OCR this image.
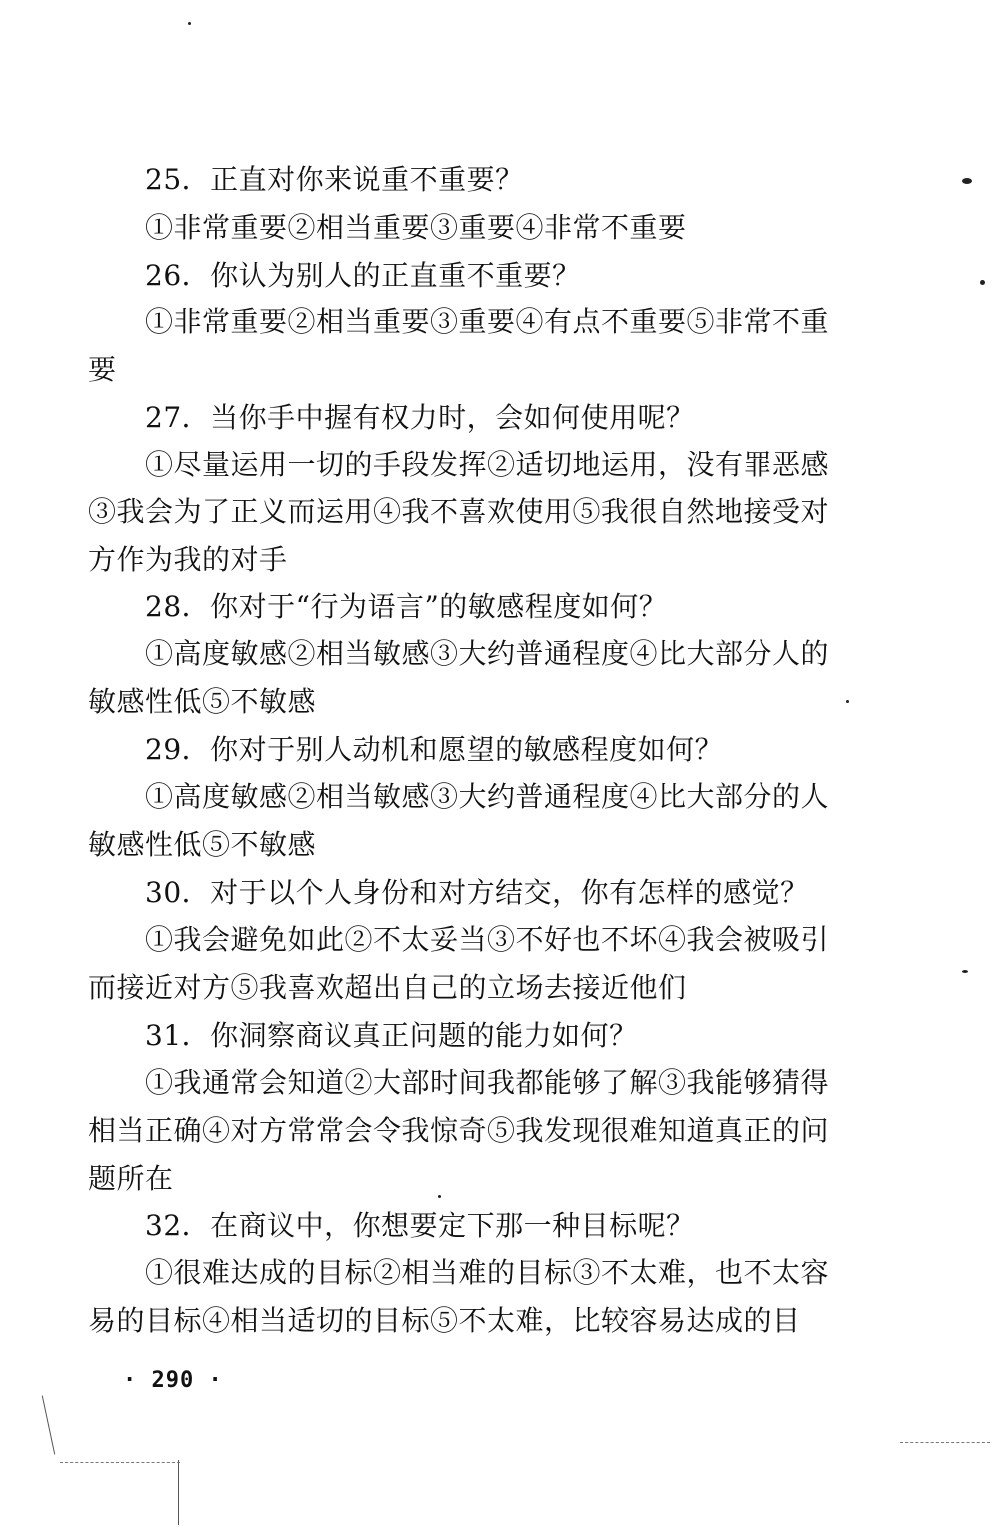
25．正直对你来说重不重要？
①非常重要②相当重要③重要④非常不重要
26．你认为别人的正直重不重要？
①非常重要②相当重要③重要④有点不重要⑤非常不重
要
27．当你手中握有权力时，会如何使用呢？
①尽量运用一切的手段发挥②适切地运用，没有罪恶感
③我会为了正义而运用④我不喜欢使用⑤我很自然地接受对
方作为我的对手
28．你对于“行为语言”的敏感程度如何？
①高度敏感②相当敏感③大约普通程度④比大部分人的
敏感性低⑤不敏感
29．你对于别人动机和愿望的敏感程度如何？
①高度敏感②相当敏感③大约普通程度④比大部分的人
敏感性低⑤不敏感
30．对于以个人身份和对方结交，你有怎样的感觉？
①我会避免如此②不太妥当③不好也不坏④我会被吸引
而接近对方⑤我喜欢超出自己的立场去接近他们
31．你洞察商议真正问题的能力如何？
①我通常会知道②大部时间我都能够了解③我能够猜得
相当正确④对方常常会令我惊奇⑤我发现很难知道真正的问
题所在
32．在商议中，你想要定下那一种目标呢？
①很难达成的目标②相当难的目标③不太难，也不太容
易的目标④相当适切的目标⑤不太难，比较容易达成的目
· 290 ·
